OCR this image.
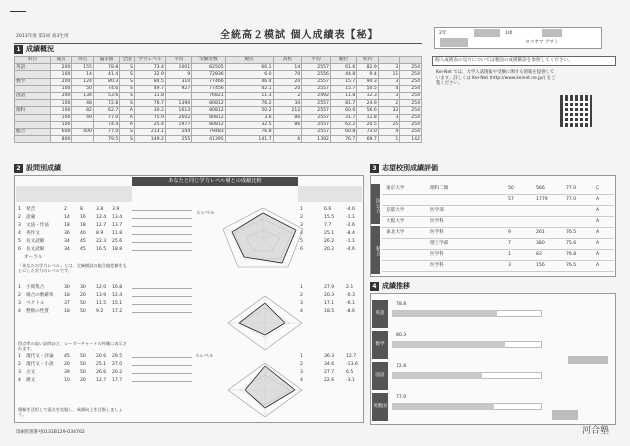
2013年度 第1回 高3生用	全統高２模試 個人成績表【秘】	2年	1組
ヨコヤマ アサト
個人成績表の見方については裏面の成績解説を参照してください。
Kei-Net では、大学入試情報や受験に関する情報を提供しています。詳しくは Kei-Net (http://www.keinet.ne.jp/) をご覧ください。
1 成績概況
科目	満点	得点	偏差値	全国	学力レベル	平均	受験者数	順位	高校	平均	順位	校内		
英語	200	155	78.8	S	73.4	1001	82505	66.1	14	2557	61.6	82.9	3	254
	100	14	41.4	S	32.9	9	72836	6.0	70	2556	44.8	9.4	11	254
数学	200	124	80.3	S	84.5	310	77466	46.4	20	2557	15.7	90.3	3	254
	100	50	74.6	S	49.7	927	77456	42.1	20	2557	15.7	50.5	4	254
国語	200	134	53.6	S	11.8		76821	11.3	2	2492	11.8	12.3	3	254
	100	48	72.8	S	76.7	1390	80812	76.2	30	2557	81.7	24.9	2	254
理科	100	82	62.7	A	30.2	1613	80812	50.2	212	2557	60.6	56.6	32	254
	100	49	77.0	A	75.9	2602	80812	3.6	86	2557	31.7	11.8	3	254
	100		74.4	A	25.4	1977	80812	32.5	86	2557	62.2	20.5	25	254
総合	600	400	77.0	S	213.1	244	79483	76.8		2557	60.8	73.0	4	254
	800		79.5	S	149.2	255	41395	141.7	6	1392	76.7	69.7	1	142
2 設問別成績
あなたと同じ学力レベル層との成績比較
1 発音	2	8	3.8 3.9
2 語彙	14 16 12.4 13.4
3 文法・作法	18 18 12.7 13.7
4 英作文	36 40 8.9 11.8
5 長文読解	34 45 22.3 25.6
6 長文読解	34 45 16.5 18.8
1	6.6	-4.6
2	15.5	-1.1
3	7.7	-2.6
4	25.1	-8.4
5	26.2	-1.1
6	20.2	-4.6
1 小問集合	30 30 12.0 16.8
2 場合の数確率 18 20 13.9 12.4
3 ベクトル	37 50 11.5 15.1
4 整数の性質	18 50 9.2 17.2
1	27.9	2.1
2	20.3	-0.3
3	17.1	-6.1
4	18.5	-8.6
1 現代文・評論 45 50 20.6 29.5
2 現代文・小説 20 50 25.1 27.0
3 古文	39 50 26.6 20.2
4 漢文	10 20 12.7 17.7
1	36.3	12.7
2	34.6	-13.6
3	27.7	6.5
4	22.6	-3.1
Ａレベル
Ａレベル
オーラル
「あなたの学力レベル」とは、全統模試の総合偏差値をもとにした学力のレベルです。
得点率の高い設問ほど、レーダーチャートの外側に表示されます。
積極を活用して弱点を克服し、成績向上を目指しましょう。
3 志望校別成績評価
国公立
私立
東京大学	理科二類	50	566	77.0	C
57	1779	77.0	A
京都大学	医学部	A
大阪大学	医学科	A
東北大学	医学科	9	261	76.5	A
理工学部	7	380	75.6	A
医学科	1	83	76.8	A
医学科	3	156	76.5	A
4 成績推移
英語
78.8
数学
80.3
国語
72.8
英数国
77.0
印刷管理番号 0131B129-034762	河合塾
